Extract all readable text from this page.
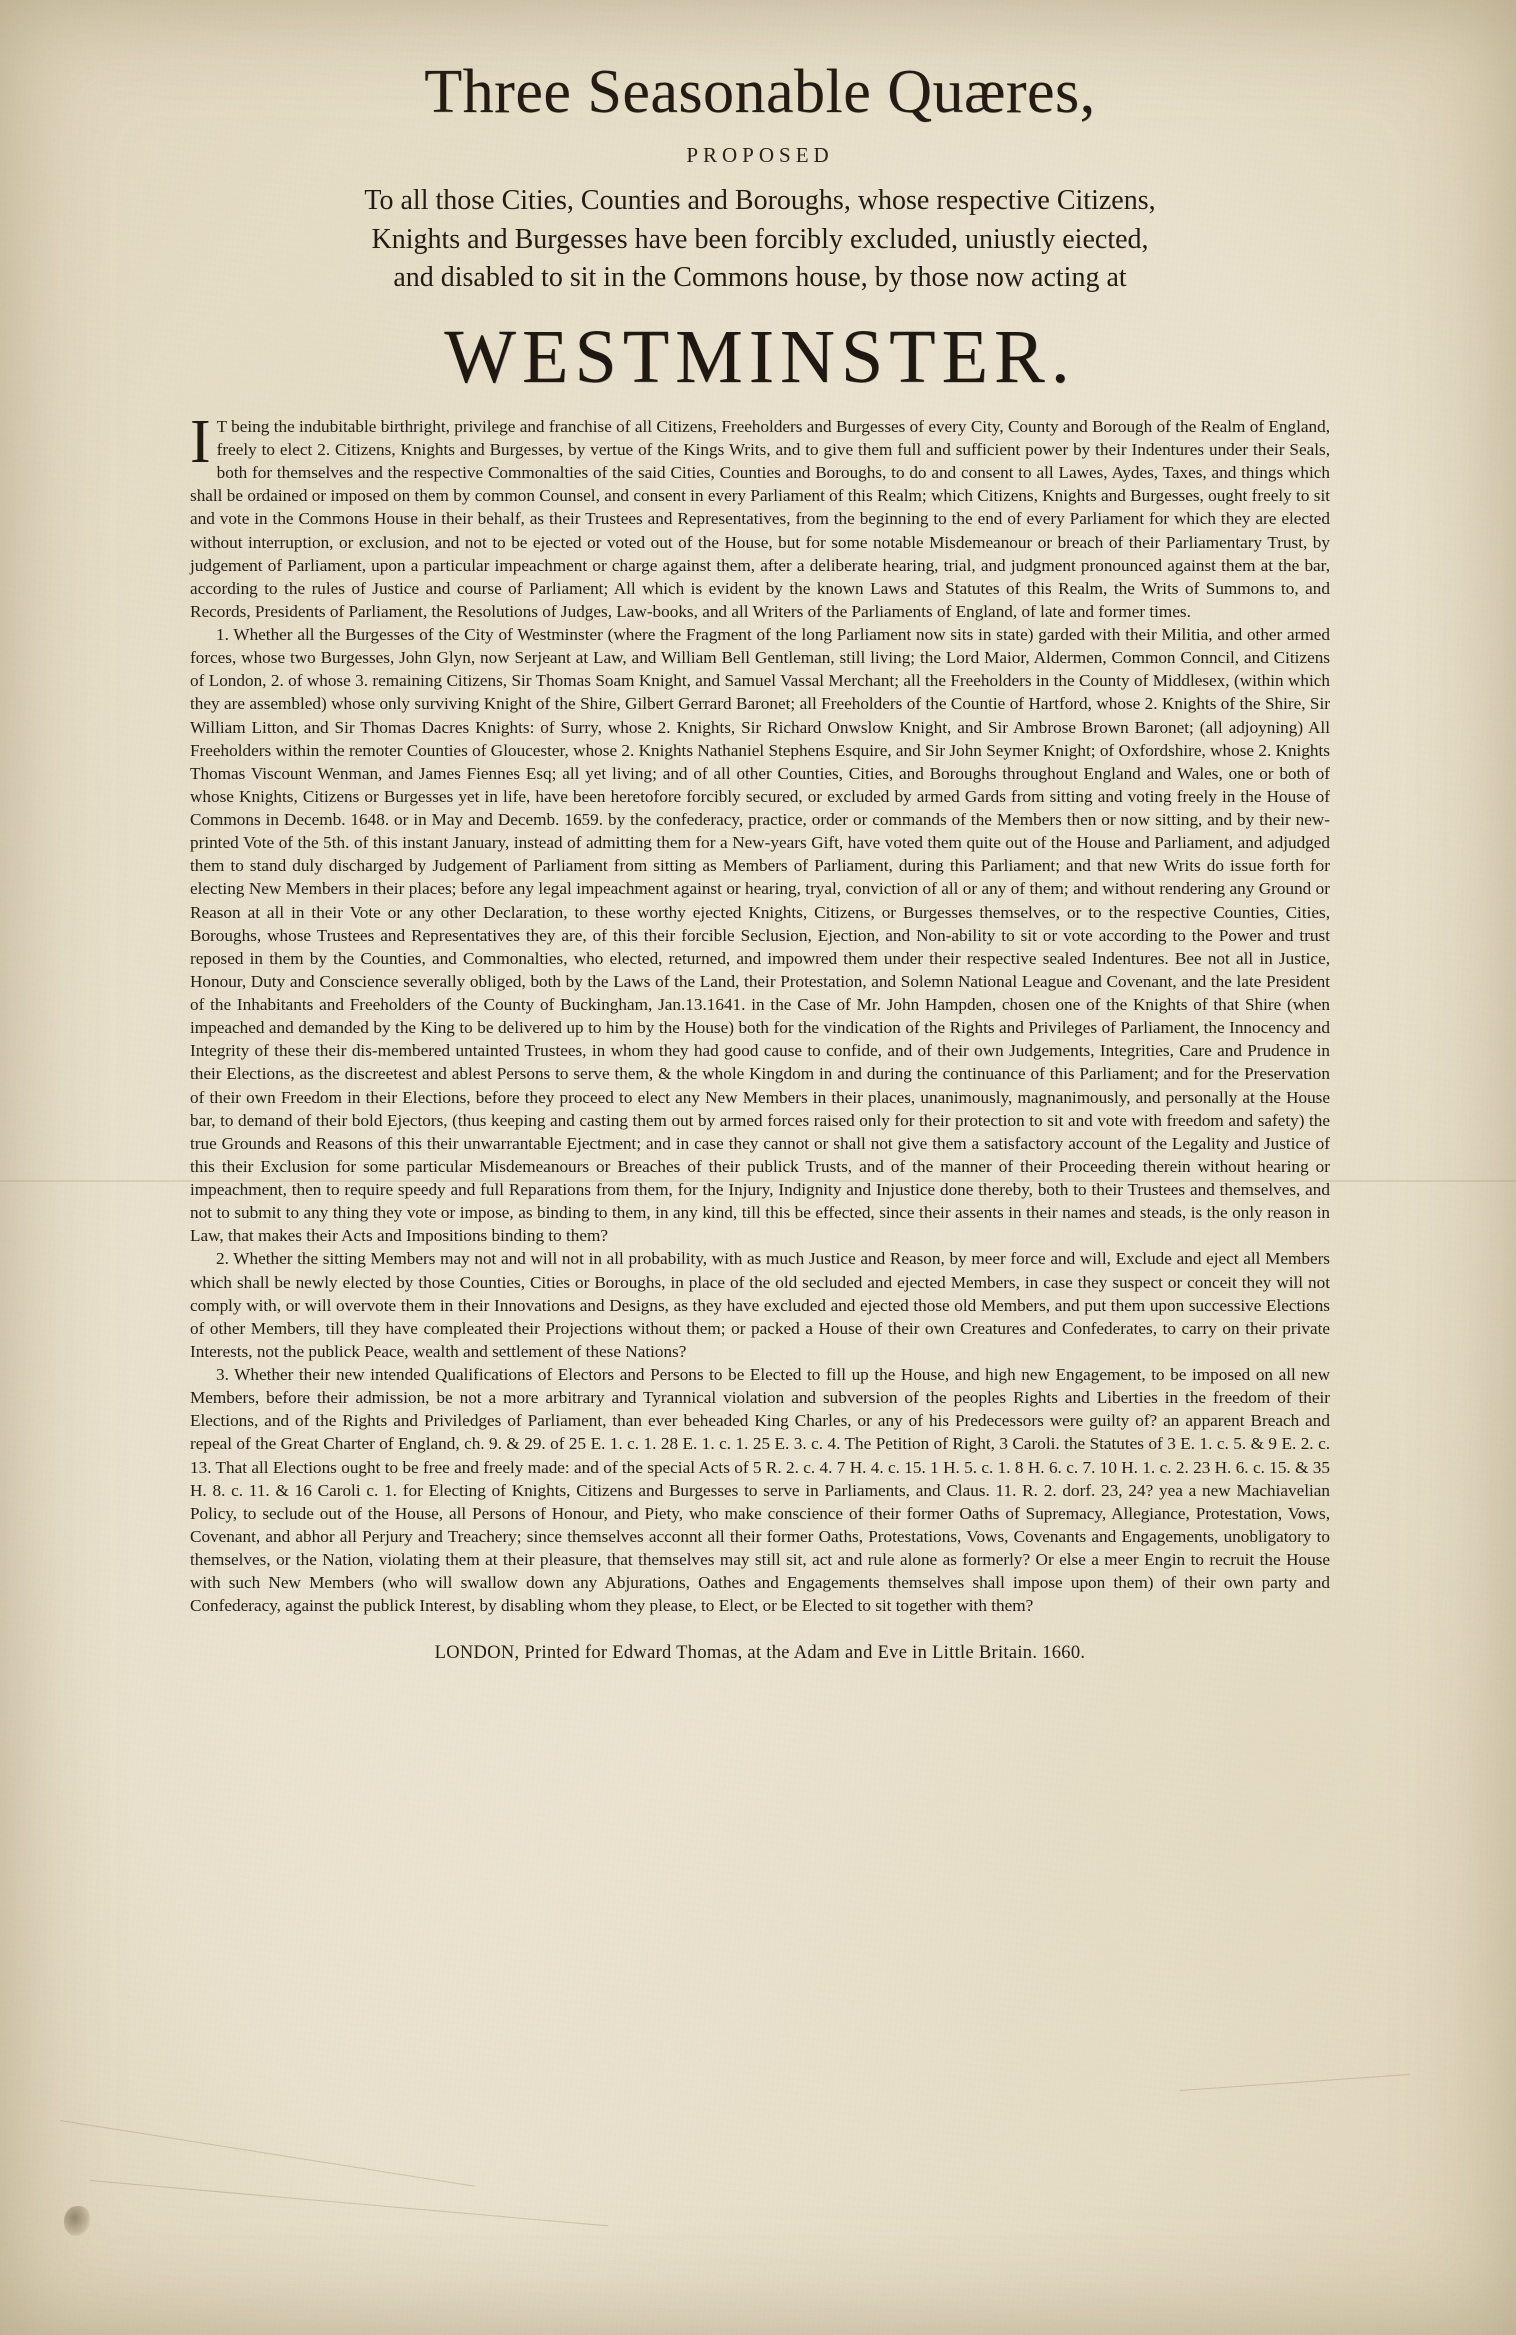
Three Seasonable Quæres,
PROPOSED
To all those Cities, Counties and Boroughs, whose respective Citizens,
Knights and Burgesses have been forcibly excluded, uniustly eiected,
and disabled to sit in the Commons house, by those now acting at
WESTMINSTER.

I T being the indubitable birthright, privilege and franchise of all Citizens, Freeholders and Burgesses of every City, County and Borough of the Realm of England, freely to elect 2. Citizens, Knights and Burgesses, by vertue of the Kings Writs, and to give them full and sufficient power by their Indentures under their Seals, both for themselves and the respective Commonalties of the said Cities, Counties and Boroughs, to do and consent to all Lawes, Aydes, Taxes, and things which shall be ordained or imposed on them by common Counsel, and consent in every Parliament of this Realm; which Citizens, Knights and Burgesses, ought freely to sit and vote in the Commons House in their behalf, as their Trustees and Representatives, from the beginning to the end of every Parliament for which they are elected without interruption, or exclusion, and not to be ejected or voted out of the House, but for some notable Misdemeanour or breach of their Parliamentary Trust, by judgement of Parliament, upon a particular impeachment or charge against them, after a deliberate hearing, trial, and judgment pronounced against them at the bar, according to the rules of Justice and course of Parliament; All which is evident by the known Laws and Statutes of this Realm, the Writs of Summons to, and Records, Presidents of Parliament, the Resolutions of Judges, Law-books, and all Writers of the Parliaments of England, of late and former times.

1. Whether all the Burgesses of the City of Westminster (where the Fragment of the long Parliament now sits in state) garded with their Militia, and other armed forces, whose two Burgesses, John Glyn, now Serjeant at Law, and William Bell Gentleman, still living; the Lord Maior, Aldermen, Common Conncil, and Citizens of London, 2. of whose 3. remaining Citizens, Sir Thomas Soam Knight, and Samuel Vassal Merchant; all the Freeholders in the County of Middlesex, (within which they are assembled) whose only surviving Knight of the Shire, Gilbert Gerrard Baronet; all Freeholders of the Countie of Hartford, whose 2. Knights of the Shire, Sir William Litton, and Sir Thomas Dacres Knights: of Surry, whose 2. Knights, Sir Richard Onwslow Knight, and Sir Ambrose Brown Baronet; (all adjoyning) All Freeholders within the remoter Counties of Gloucester, whose 2. Knights Nathaniel Stephens Esquire, and Sir John Seymer Knight; of Oxfordshire, whose 2. Knights Thomas Viscount Wenman, and James Fiennes Esq; all yet living; and of all other Counties, Cities, and Boroughs throughout England and Wales, one or both of whose Knights, Citizens or Burgesses yet in life, have been heretofore forcibly secured, or excluded by armed Gards from sitting and voting freely in the House of Commons in Decemb. 1648. or in May and Decemb. 1659. by the confederacy, practice, order or commands of the Members then or now sitting, and by their new-printed Vote of the 5th. of this instant January, instead of admitting them for a New-years Gift, have voted them quite out of the House and Parliament, and adjudged them to stand duly discharged by Judgement of Parliament from sitting as Members of Parliament, during this Parliament; and that new Writs do issue forth for electing New Members in their places; before any legal impeachment against or hearing, tryal, conviction of all or any of them; and without rendering any Ground or Reason at all in their Vote or any other Declaration, to these worthy ejected Knights, Citizens, or Burgesses themselves, or to the respective Counties, Cities, Boroughs, whose Trustees and Representatives they are, of this their forcible Seclusion, Ejection, and Non-ability to sit or vote according to the Power and trust reposed in them by the Counties, and Commonalties, who elected, returned, and impowred them under their respective sealed Indentures. Bee not all in Justice, Honour, Duty and Conscience severally obliged, both by the Laws of the Land, their Protestation, and Solemn National League and Covenant, and the late President of the Inhabitants and Freeholders of the County of Buckingham, Jan.13.1641. in the Case of Mr. John Hampden, chosen one of the Knights of that Shire (when impeached and demanded by the King to be delivered up to him by the House) both for the vindication of the Rights and Privileges of Parliament, the Innocency and Integrity of these their dis-membered untainted Trustees, in whom they had good cause to confide, and of their own Judgements, Integrities, Care and Prudence in their Elections, as the discreetest and ablest Persons to serve them, & the whole Kingdom in and during the continuance of this Parliament; and for the Preservation of their own Freedom in their Elections, before they proceed to elect any New Members in their places, unanimously, magnanimously, and personally at the House bar, to demand of their bold Ejectors, (thus keeping and casting them out by armed forces raised only for their protection to sit and vote with freedom and safety) the true Grounds and Reasons of this their unwarrantable Ejectment; and in case they cannot or shall not give them a satisfactory account of the Legality and Justice of this their Exclusion for some particular Misdemeanours or Breaches of their publick Trusts, and of the manner of their Proceeding therein without hearing or impeachment, then to require speedy and full Reparations from them, for the Injury, Indignity and Injustice done thereby, both to their Trustees and themselves, and not to submit to any thing they vote or impose, as binding to them, in any kind, till this be effected, since their assents in their names and steads, is the only reason in Law, that makes their Acts and Impositions binding to them?

2. Whether the sitting Members may not and will not in all probability, with as much Justice and Reason, by meer force and will, Exclude and eject all Members which shall be newly elected by those Counties, Cities or Boroughs, in place of the old secluded and ejected Members, in case they suspect or conceit they will not comply with, or will overvote them in their Innovations and Designs, as they have excluded and ejected those old Members, and put them upon successive Elections of other Members, till they have compleated their Projections without them; or packed a House of their own Creatures and Confederates, to carry on their private Interests, not the publick Peace, wealth and settlement of these Nations?

3. Whether their new intended Qualifications of Electors and Persons to be Elected to fill up the House, and high new Engagement, to be imposed on all new Members, before their admission, be not a more arbitrary and Tyrannical violation and subversion of the peoples Rights and Liberties in the freedom of their Elections, and of the Rights and Priviledges of Parliament, than ever beheaded King Charles, or any of his Predecessors were guilty of? an apparent Breach and repeal of the Great Charter of England, ch. 9. & 29. of 25 E. 1. c. 1. 28 E. 1. c. 1. 25 E. 3. c. 4. The Petition of Right, 3 Caroli. the Statutes of 3 E. 1. c. 5. & 9 E. 2. c. 13. That all Elections ought to be free and freely made: and of the special Acts of 5 R. 2. c. 4. 7 H. 4. c. 15. 1 H. 5. c. 1. 8 H. 6. c. 7. 10 H. 1. c. 2. 23 H. 6. c. 15. & 35 H. 8. c. 11. & 16 Caroli c. 1. for Electing of Knights, Citizens and Burgesses to serve in Parliaments, and Claus. 11. R. 2. dorf. 23, 24? yea a new Machiavelian Policy, to seclude out of the House, all Persons of Honour, and Piety, who make conscience of their former Oaths of Supremacy, Allegiance, Protestation, Vows, Covenant, and abhor all Perjury and Treachery; since themselves acconnt all their former Oaths, Protestations, Vows, Covenants and Engagements, unobligatory to themselves, or the Nation, violating them at their pleasure, that themselves may still sit, act and rule alone as formerly? Or else a meer Engin to recruit the House with such New Members (who will swallow down any Abjurations, Oathes and Engagements themselves shall impose upon them) of their own party and Confederacy, against the publick Interest, by disabling whom they please, to Elect, or be Elected to sit together with them?

LONDON, Printed for Edward Thomas, at the Adam and Eve in Little Britain. 1660.
